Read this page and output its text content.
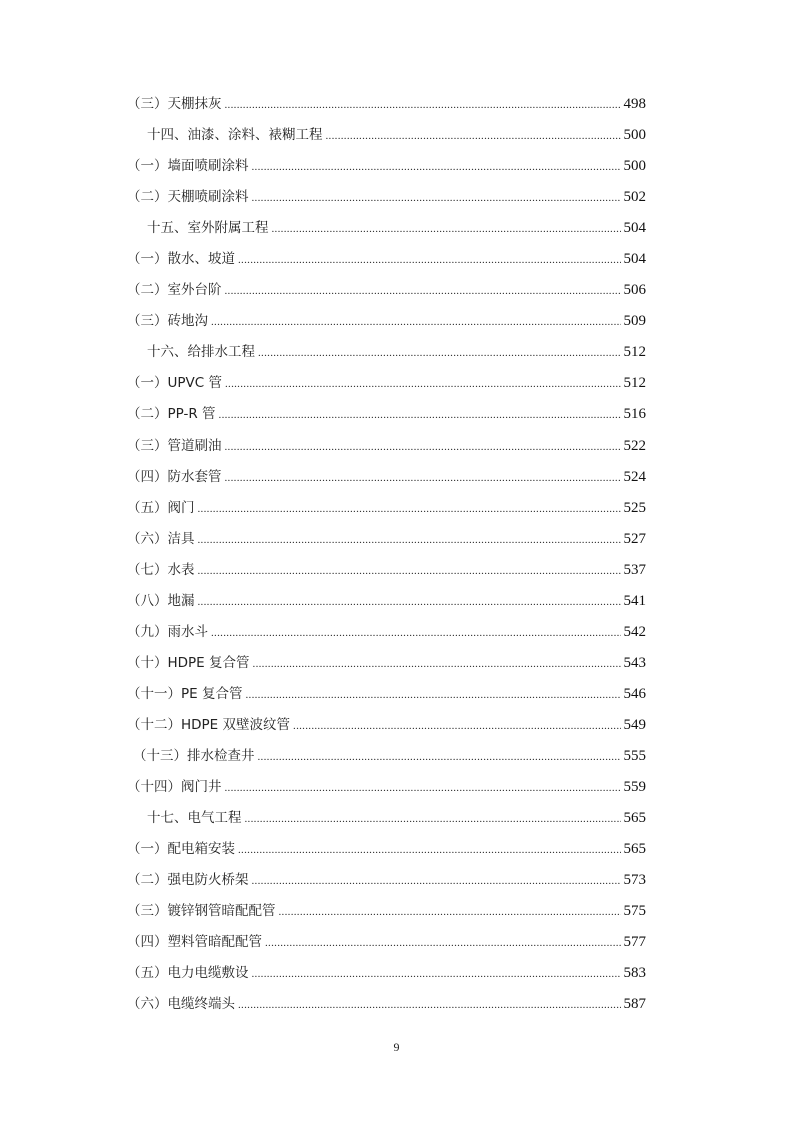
（三）天棚抹灰 .....	498
十四、油漆、涂料、裱糊工程 .....	500
（一）墙面喷刷涂料 .....	500
（二）天棚喷刷涂料 .....	502
十五、室外附属工程 .....	504
（一）散水、坡道 .....	504
（二）室外台阶 .....	506
（三）砖地沟 .....	509
十六、给排水工程 .....	512
（一）UPVC 管 .....	512
（二）PP-R 管 .....	516
（三）管道刷油 .....	522
（四）防水套管 .....	524
（五）阀门 .....	525
（六）洁具 .....	527
（七）水表 .....	537
（八）地漏 .....	541
（九）雨水斗 .....	542
（十）HDPE 复合管 .....	543
（十一）PE 复合管 .....	546
（十二）HDPE 双壁波纹管 .....	549
（十三）排水检查井 .....	555
（十四）阀门井 .....	559
十七、电气工程 .....	565
（一）配电箱安装 .....	565
（二）强电防火桥架 .....	573
（三）镀锌钢管暗配配管 .....	575
（四）塑料管暗配配管 .....	577
（五）电力电缆敷设 .....	583
（六）电缆终端头 .....	587
9
